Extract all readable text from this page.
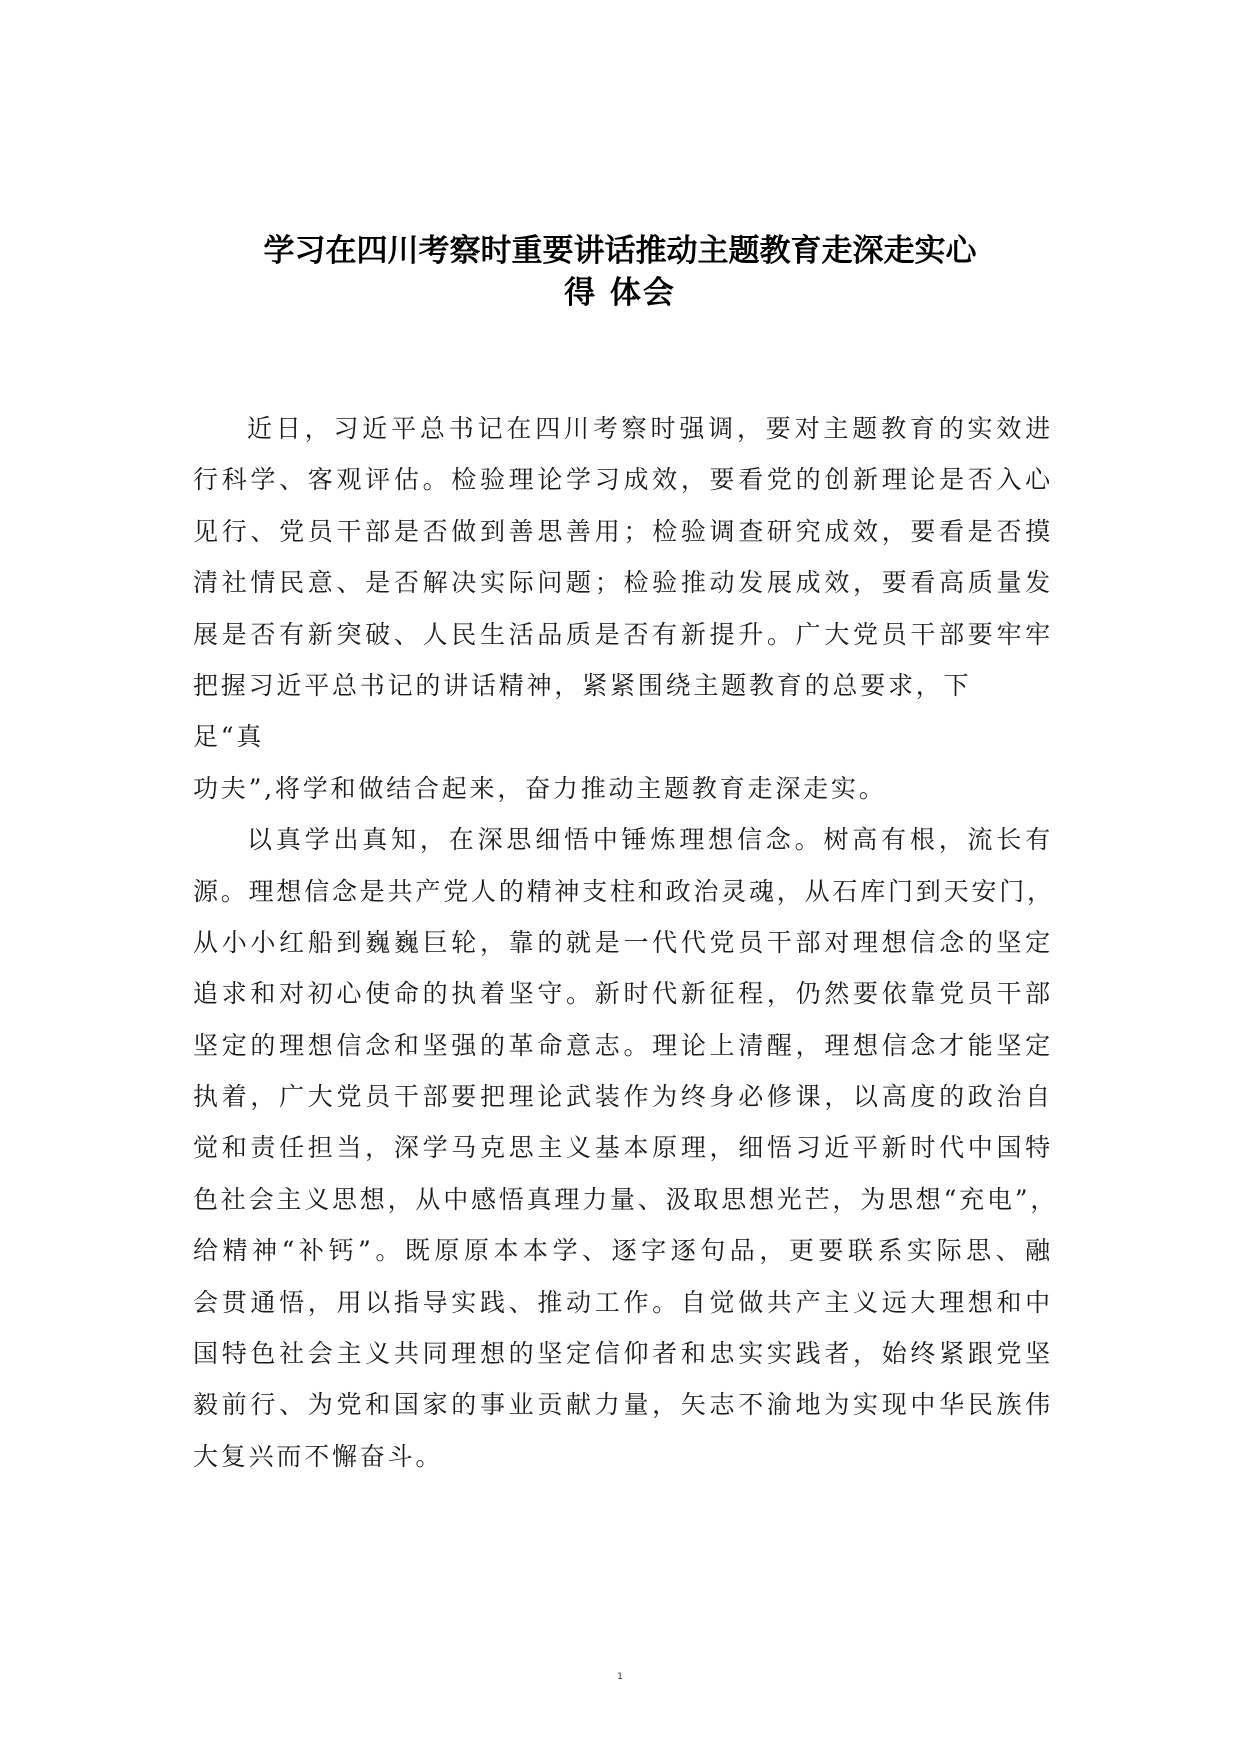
学习在四川考察时重要讲话推动主题教育走深走实心
得 体会
近日，习近平总书记在四川考察时强调，要对主题教育的实效进
行科学、客观评估。检验理论学习成效，要看党的创新理论是否入心
见行、党员干部是否做到善思善用；检验调查研究成效，要看是否摸
清社情民意、是否解决实际问题；检验推动发展成效，要看高质量发
展是否有新突破、人民生活品质是否有新提升。广大党员干部要牢牢
把握习近平总书记的讲话精神，紧紧围绕主题教育的总要求，下
足“真
功夫”,将学和做结合起来，奋力推动主题教育走深走实。
以真学出真知，在深思细悟中锤炼理想信念。树高有根，流长有
源。理想信念是共产党人的精神支柱和政治灵魂，从石库门到天安门，
从小小红船到巍巍巨轮，靠的就是一代代党员干部对理想信念的坚定
追求和对初心使命的执着坚守。新时代新征程，仍然要依靠党员干部
坚定的理想信念和坚强的革命意志。理论上清醒，理想信念才能坚定
执着，广大党员干部要把理论武装作为终身必修课，以高度的政治自
觉和责任担当，深学马克思主义基本原理，细悟习近平新时代中国特
色社会主义思想，从中感悟真理力量、汲取思想光芒，为思想“充电”，
给精神“补钙”。既原原本本学、逐字逐句品，更要联系实际思、融
会贯通悟，用以指导实践、推动工作。自觉做共产主义远大理想和中
国特色社会主义共同理想的坚定信仰者和忠实实践者，始终紧跟党坚
毅前行、为党和国家的事业贡献力量，矢志不渝地为实现中华民族伟
大复兴而不懈奋斗。
1
